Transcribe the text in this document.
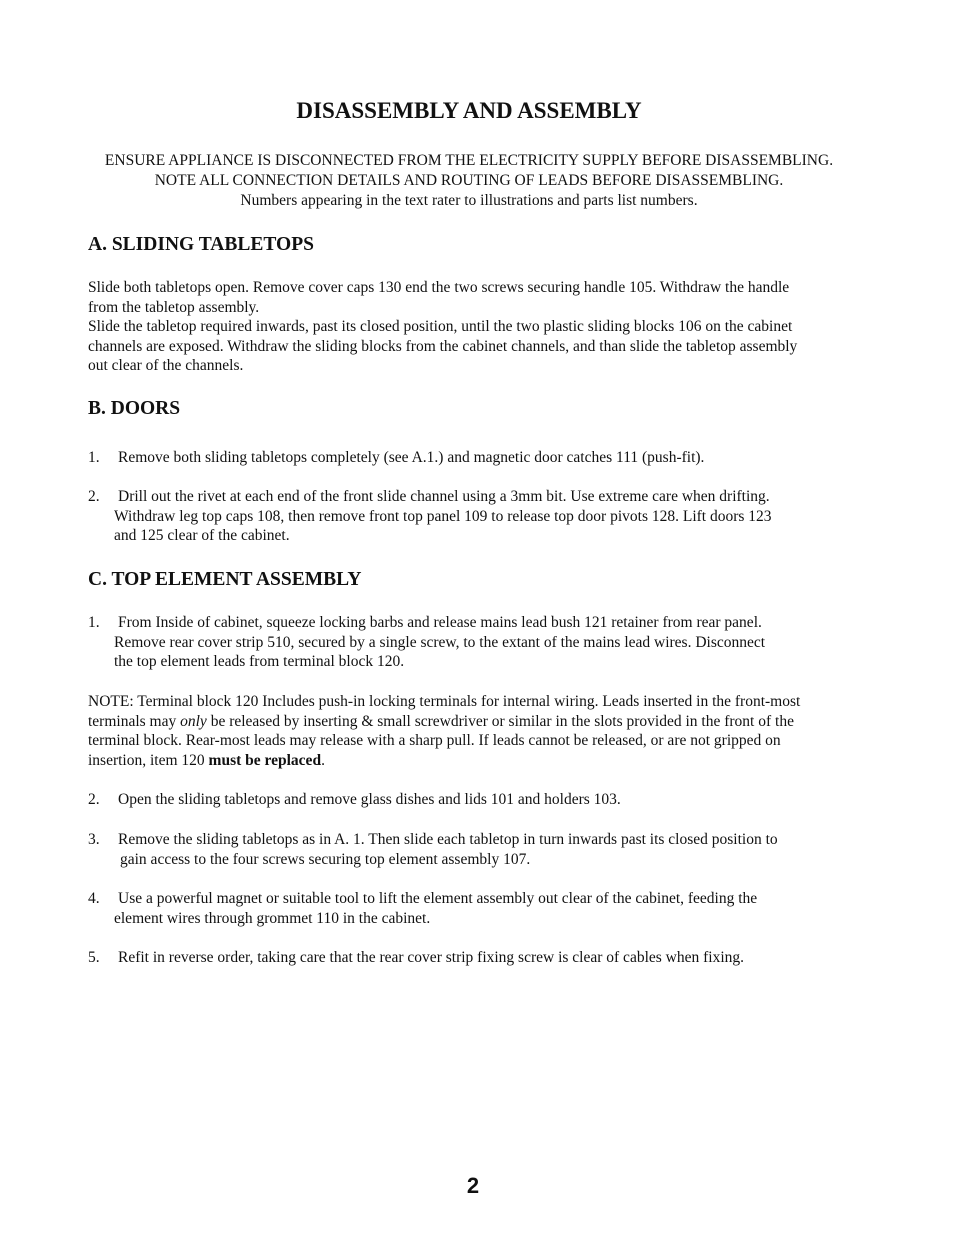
DISASSEMBLY AND ASSEMBLY
ENSURE APPLIANCE IS DISCONNECTED FROM THE ELECTRICITY SUPPLY BEFORE DISASSEMBLING.
NOTE ALL CONNECTION DETAILS AND ROUTING OF LEADS BEFORE DISASSEMBLING.
Numbers appearing in the text rater to illustrations and parts list numbers.
A. SLIDING TABLETOPS
Slide both tabletops open. Remove cover caps 130 end the two screws securing handle 105. Withdraw the handle
from the tabletop assembly.
Slide the tabletop required inwards, past its closed position, until the two plastic sliding blocks 106 on the cabinet
channels are exposed. Withdraw the sliding blocks from the cabinet channels, and than slide the tabletop assembly
out clear of the channels.
B. DOORS
1. Remove both sliding tabletops completely (see A.1.) and magnetic door catches 111 (push-fit).
2. Drill out the rivet at each end of the front slide channel using a 3mm bit. Use extreme care when drifting.
Withdraw leg top caps 108, then remove front top panel 109 to release top door pivots 128. Lift doors 123
and 125 clear of the cabinet.
C. TOP ELEMENT ASSEMBLY
1. From Inside of cabinet, squeeze locking barbs and release mains lead bush 121 retainer from rear panel.
Remove rear cover strip 510, secured by a single screw, to the extant of the mains lead wires. Disconnect
the top element leads from terminal block 120.
NOTE: Terminal block 120 Includes push-in locking terminals for internal wiring. Leads inserted in the front-most
terminals may only be released by inserting & small screwdriver or similar in the slots provided in the front of the
terminal block. Rear-most leads may release with a sharp pull. If leads cannot be released, or are not gripped on
insertion, item 120 must be replaced.
2. Open the sliding tabletops and remove glass dishes and lids 101 and holders 103.
3. Remove the sliding tabletops as in A. 1. Then slide each tabletop in turn inwards past its closed position to
gain access to the four screws securing top element assembly 107.
4. Use a powerful magnet or suitable tool to lift the element assembly out clear of the cabinet, feeding the
element wires through grommet 110 in the cabinet.
5. Refit in reverse order, taking care that the rear cover strip fixing screw is clear of cables when fixing.
2
